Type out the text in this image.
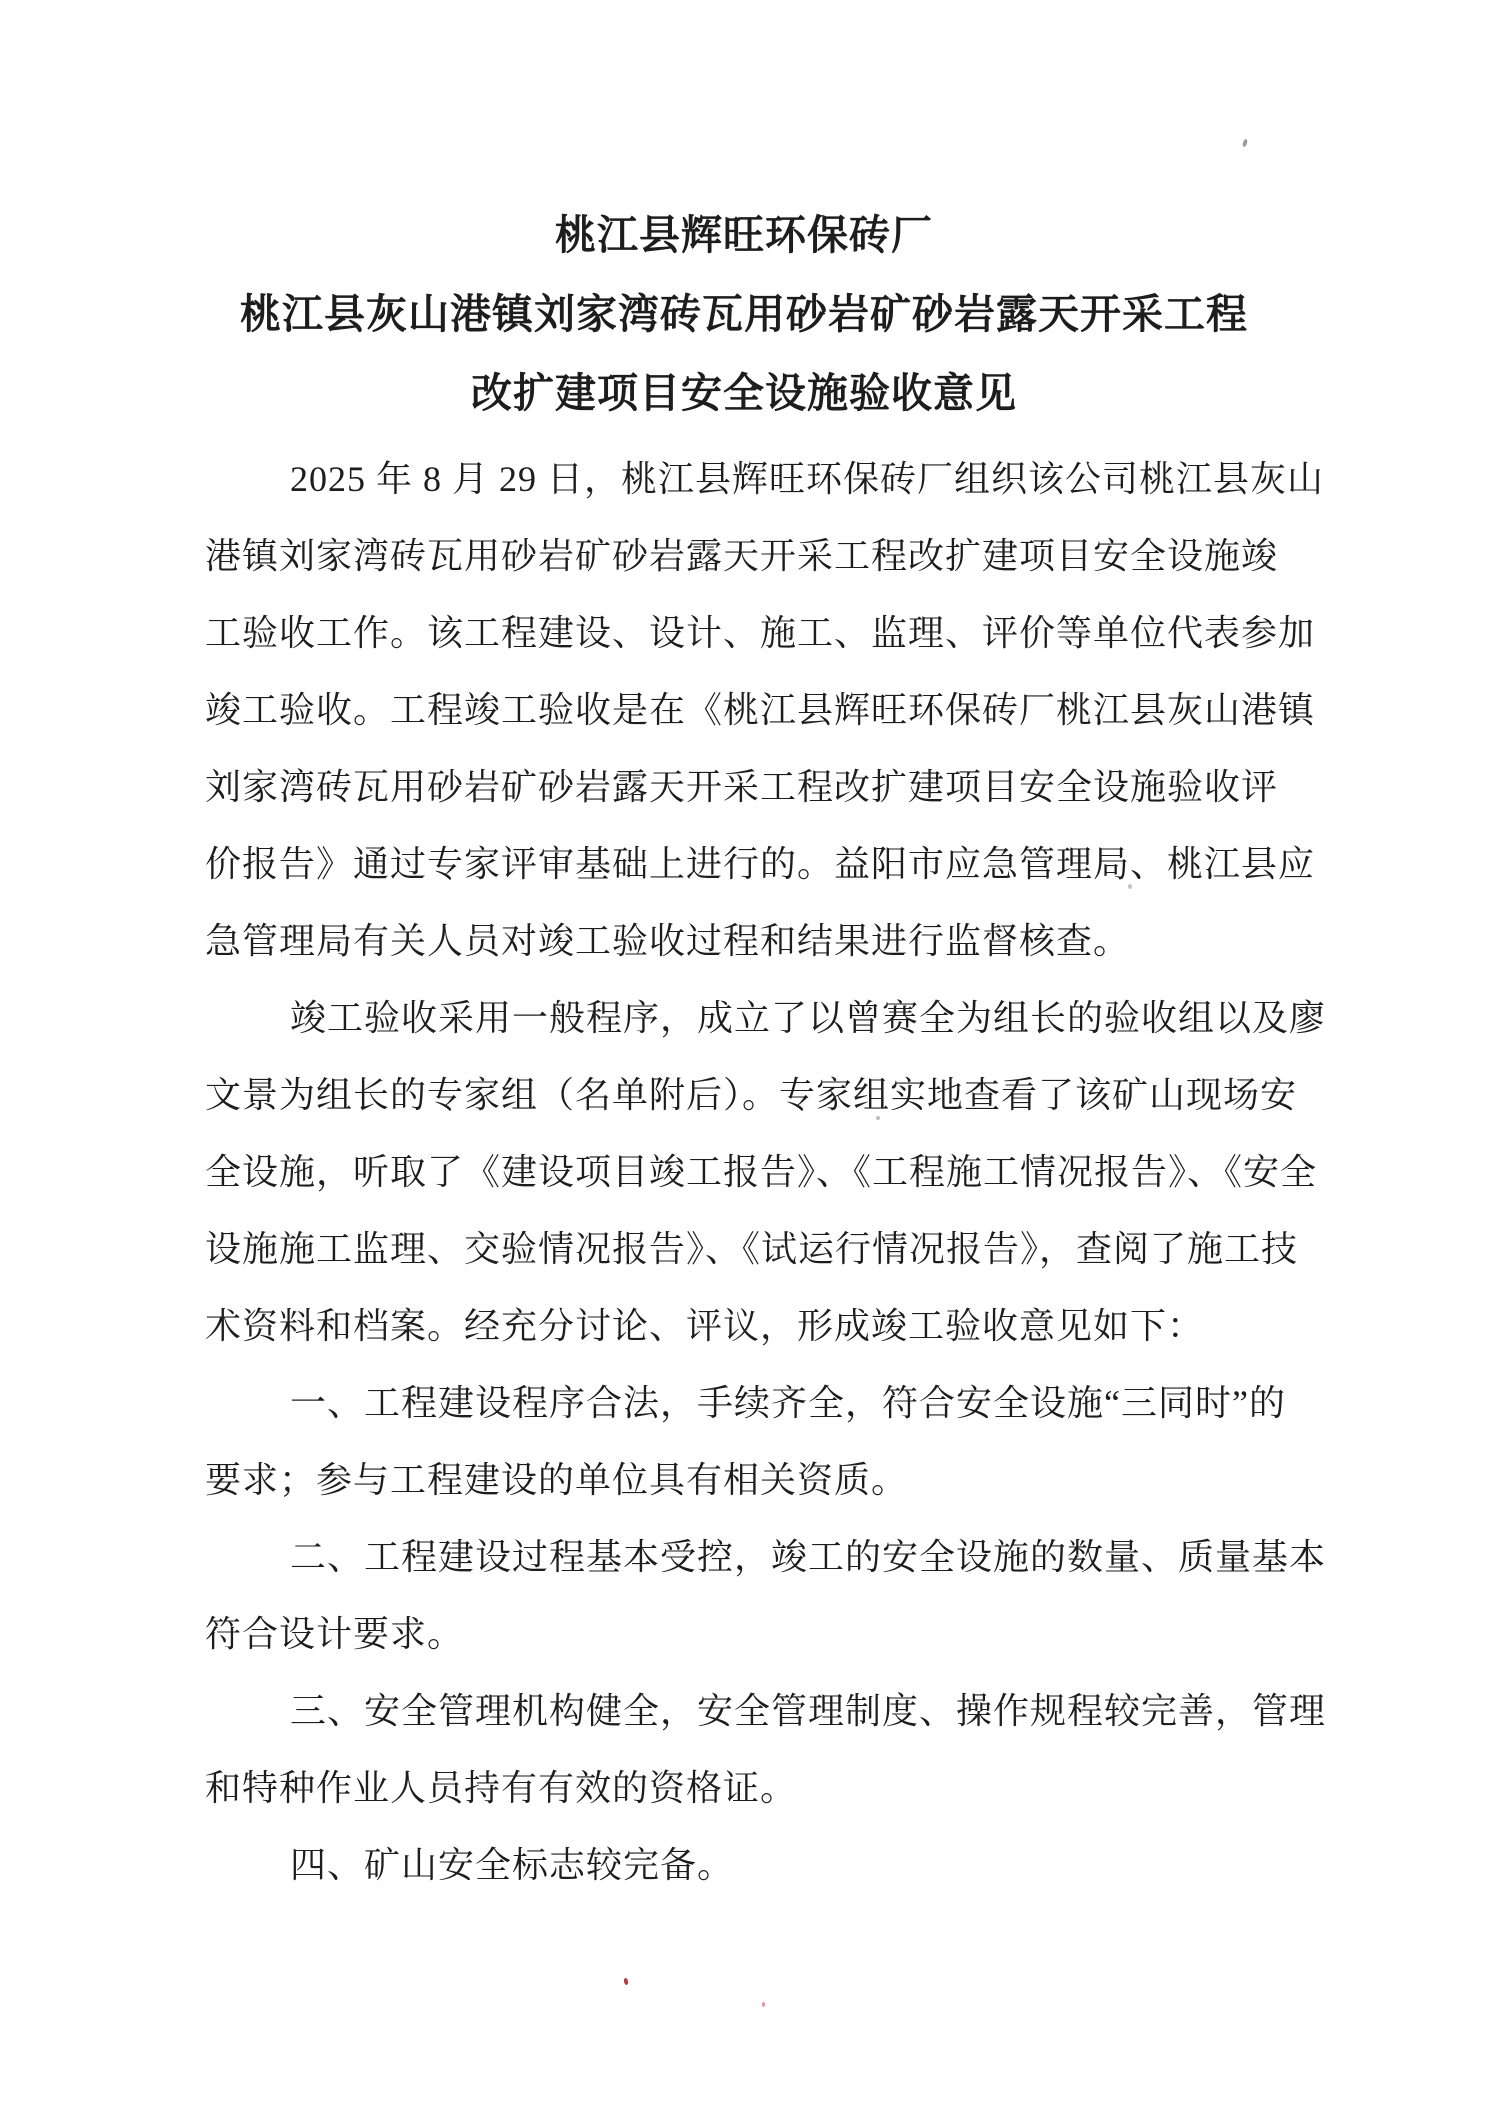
桃江县辉旺环保砖厂
桃江县灰山港镇刘家湾砖瓦用砂岩矿砂岩露天开采工程
改扩建项目安全设施验收意见
2025 年 8 月 29 日，桃江县辉旺环保砖厂组织该公司桃江县灰山
港镇刘家湾砖瓦用砂岩矿砂岩露天开采工程改扩建项目安全设施竣
工验收工作。该工程建设、设计、施工、监理、评价等单位代表参加
竣工验收。工程竣工验收是在《桃江县辉旺环保砖厂桃江县灰山港镇
刘家湾砖瓦用砂岩矿砂岩露天开采工程改扩建项目安全设施验收评
价报告》通过专家评审基础上进行的。益阳市应急管理局、桃江县应
急管理局有关人员对竣工验收过程和结果进行监督核查。
竣工验收采用一般程序，成立了以曾赛全为组长的验收组以及廖
文景为组长的专家组（名单附后）。专家组实地查看了该矿山现场安
全设施，听取了《建设项目竣工报告》、《工程施工情况报告》、《安全
设施施工监理、交验情况报告》、《试运行情况报告》，查阅了施工技
术资料和档案。经充分讨论、评议，形成竣工验收意见如下：
一、工程建设程序合法，手续齐全，符合安全设施“三同时”的
要求；参与工程建设的单位具有相关资质。
二、工程建设过程基本受控，竣工的安全设施的数量、质量基本
符合设计要求。
三、安全管理机构健全，安全管理制度、操作规程较完善，管理
和特种作业人员持有有效的资格证。
四、矿山安全标志较完备。
